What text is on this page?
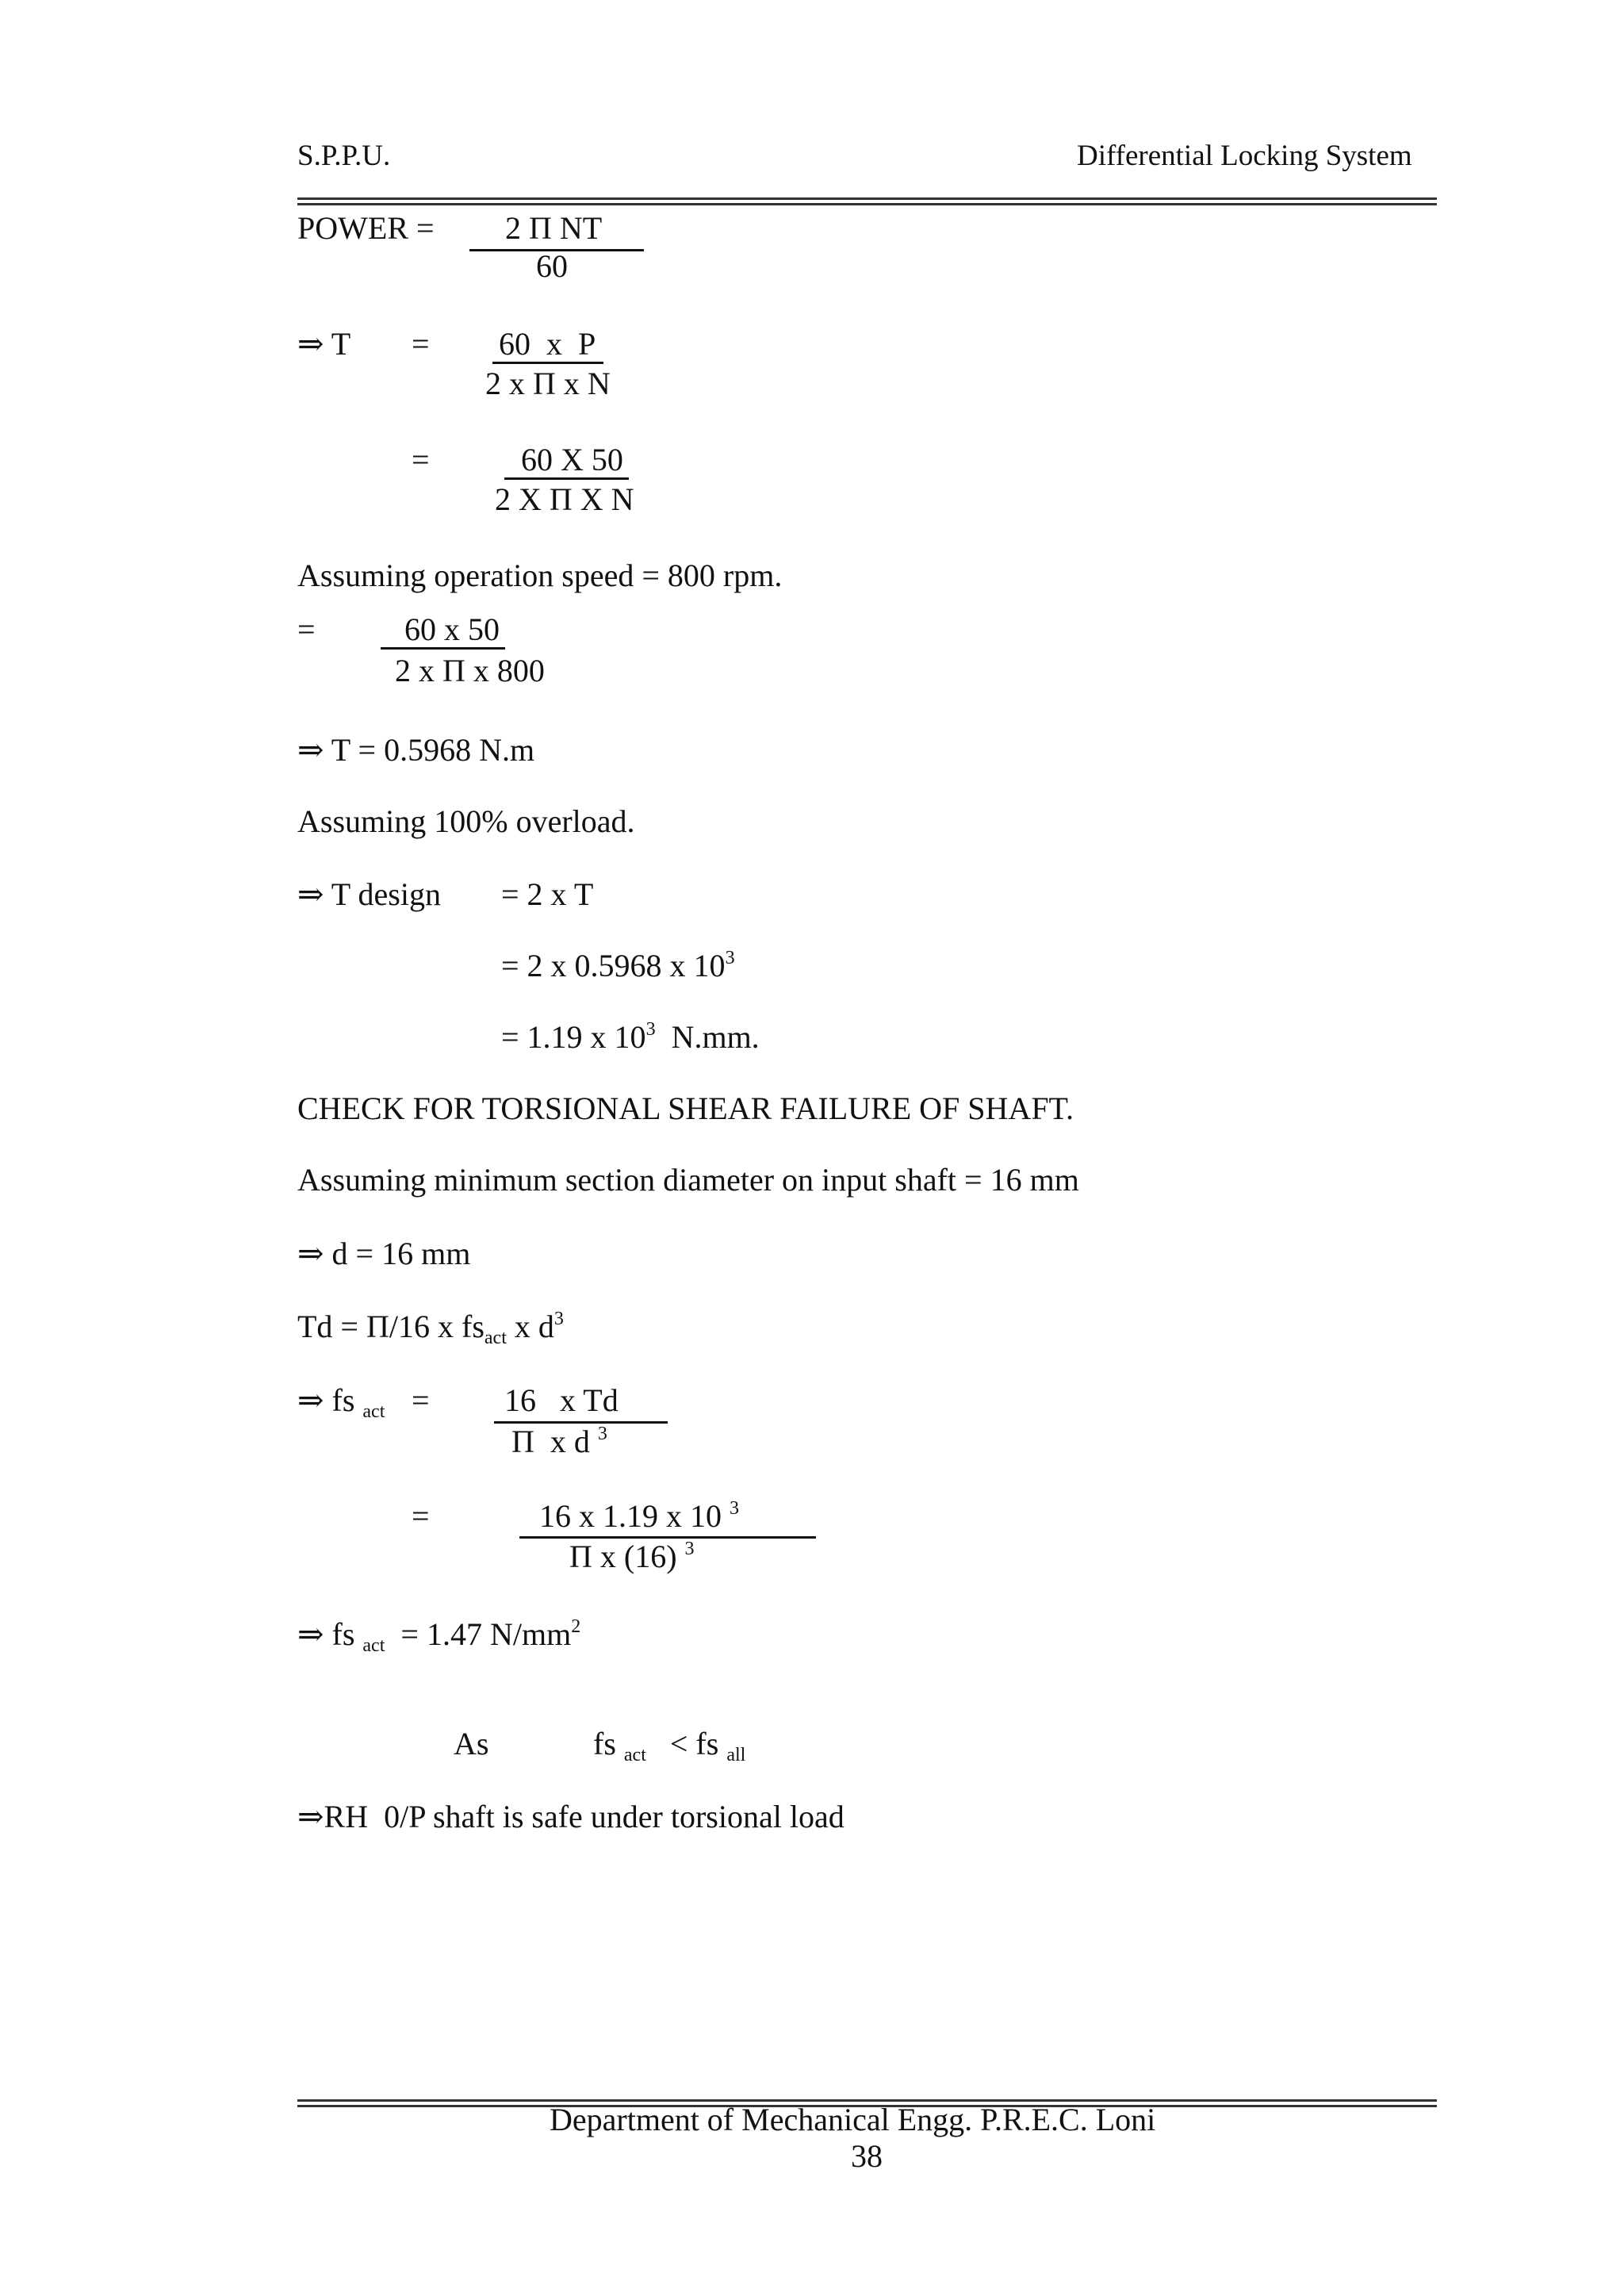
S.P.P.U.	Differential Locking System
POWER = 2 Π NT
60
⇒ T = 60  x  P
2 x Π x N
=	60 X 50
2 X Π X N
Assuming operation speed = 800 rpm.
=	60 x 50
2 x Π x 800
⇒ T = 0.5968 N.m
Assuming 100% overload.
⇒ T design = 2 x T
= 2 x 0.5968 x $10^3$
= 1.19 x $10^3$ N.mm.
CHECK FOR TORSIONAL SHEAR FAILURE OF SHAFT.
Assuming minimum section diameter on input shaft = 16 mm
⇒ d = 16 mm
Td = Π/16 x $fs_{act}$ x $d^3$
⇒ fs $_{act}$ = 16   x Td
Π  x d $^3$
=	16 x 1.19 x 10 $^3$
Π x (16) $^3$
⇒ fs $_{act}$ = 1.47 $N/mm^2$
As	fs $_{act}$ < fs $_{all}$
⇒RH  0/P shaft is safe under torsional load
Department of Mechanical Engg. P.R.E.C. Loni
38
